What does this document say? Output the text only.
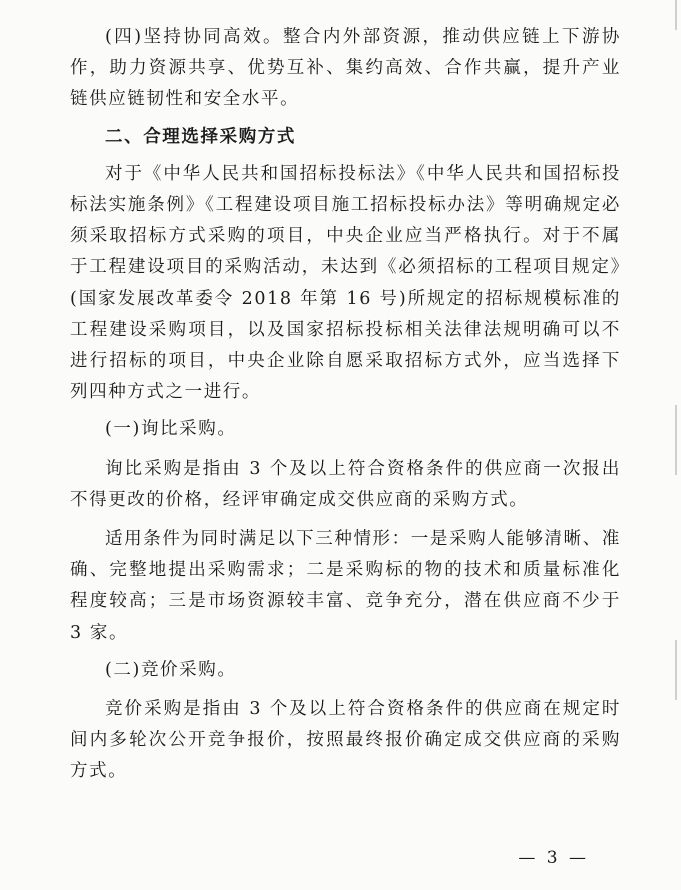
(四)坚持协同高效。整合内外部资源，推动供应链上下游协作，助力资源共享、优势互补、集约高效、合作共赢，提升产业链供应链韧性和安全水平。

二、合理选择采购方式

对于《中华人民共和国招标投标法》《中华人民共和国招标投标法实施条例》《工程建设项目施工招标投标办法》等明确规定必须采取招标方式采购的项目，中央企业应当严格执行。对于不属于工程建设项目的采购活动，未达到《必须招标的工程项目规定》(国家发展改革委令 2018 年第 16 号)所规定的招标规模标准的工程建设采购项目，以及国家招标投标相关法律法规明确可以不进行招标的项目，中央企业除自愿采取招标方式外，应当选择下列四种方式之一进行。

(一)询比采购。

询比采购是指由 3 个及以上符合资格条件的供应商一次报出不得更改的价格，经评审确定成交供应商的采购方式。

适用条件为同时满足以下三种情形：一是采购人能够清晰、准确、完整地提出采购需求；二是采购标的物的技术和质量标准化程度较高；三是市场资源较丰富、竞争充分，潜在供应商不少于 3 家。

(二)竞价采购。

竞价采购是指由 3 个及以上符合资格条件的供应商在规定时间内多轮次公开竞争报价，按照最终报价确定成交供应商的采购方式。

— 3 —
